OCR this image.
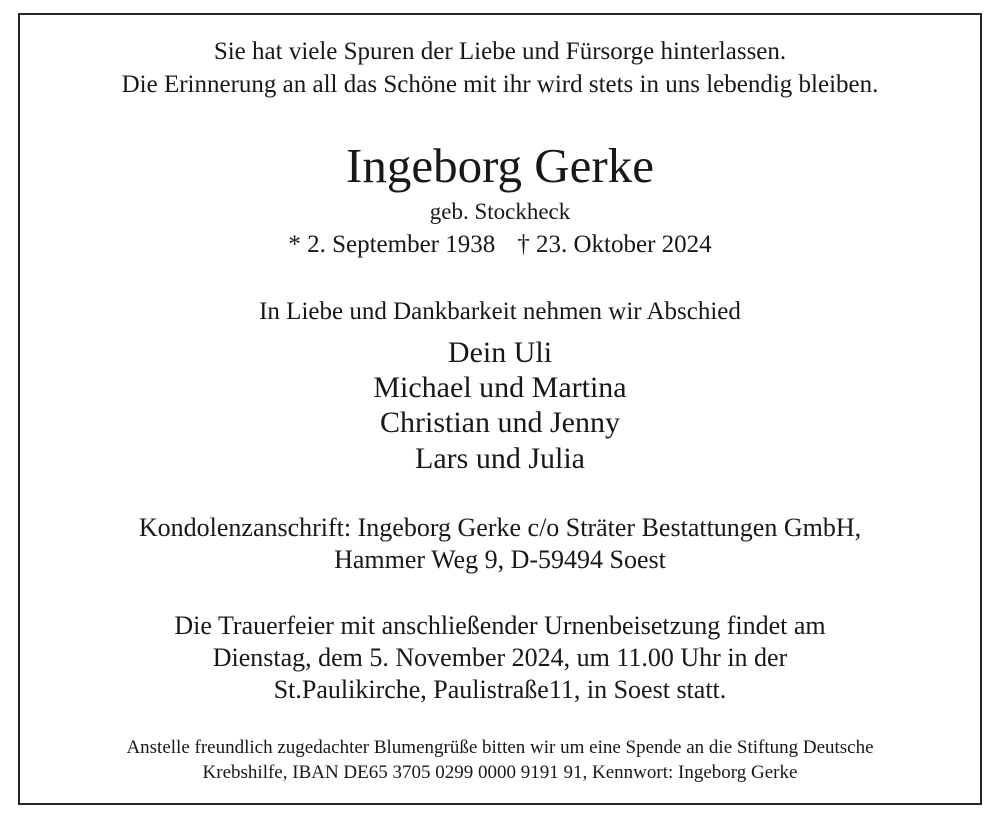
Sie hat viele Spuren der Liebe und Fürsorge hinterlassen.
Die Erinnerung an all das Schöne mit ihr wird stets in uns lebendig bleiben.
Ingeborg Gerke
geb. Stockheck
* 2. September 1938 † 23. Oktober 2024
In Liebe und Dankbarkeit nehmen wir Abschied
Dein Uli
Michael und Martina
Christian und Jenny
Lars und Julia
Kondolenzanschrift: Ingeborg Gerke c/o Sträter Bestattungen GmbH,
Hammer Weg 9, D-59494 Soest
Die Trauerfeier mit anschließender Urnenbeisetzung findet am
Dienstag, dem 5. November 2024, um 11.00 Uhr in der
St.Paulikirche, Paulistraße11, in Soest statt.
Anstelle freundlich zugedachter Blumengrüße bitten wir um eine Spende an die Stiftung Deutsche
Krebshilfe, IBAN DE65 3705 0299 0000 9191 91, Kennwort: Ingeborg Gerke
